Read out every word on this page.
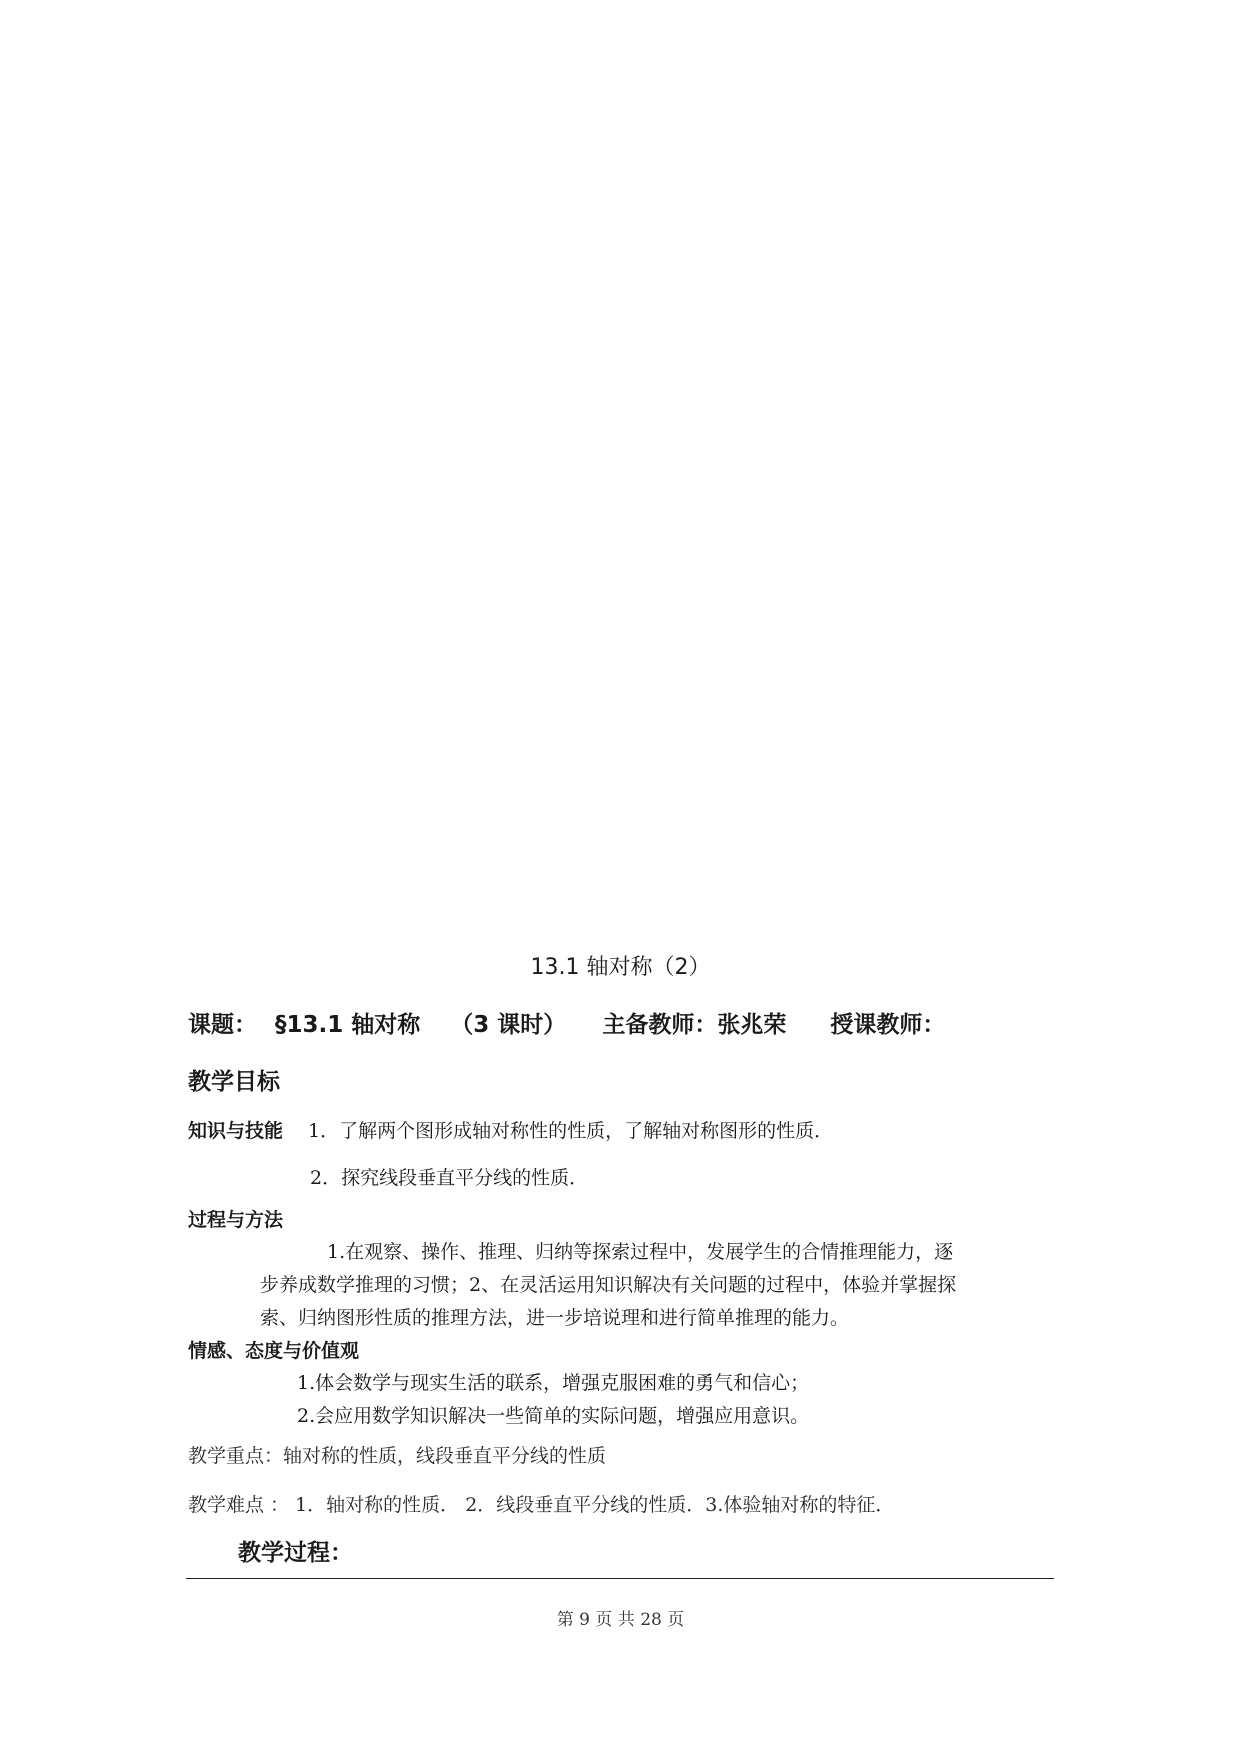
13.1 轴对称（2）
课题： §13.1 轴对称 （3 课时） 主备教师：张兆荣 授课教师：
教学目标
知识与技能 1．了解两个图形成轴对称性的性质，了解轴对称图形的性质．
2．探究线段垂直平分线的性质．
过程与方法
1.在观察、操作、推理、归纳等探索过程中，发展学生的合情推理能力，逐
步养成数学推理的习惯；2、在灵活运用知识解决有关问题的过程中，体验并掌握探
索、归纳图形性质的推理方法，进一步培说理和进行简单推理的能力。
情感、态度与价值观
1.体会数学与现实生活的联系，增强克服困难的勇气和信心；
2.会应用数学知识解决一些简单的实际问题，增强应用意识。
教学重点：轴对称的性质，线段垂直平分线的性质
教学难点 ： 1．轴对称的性质． 2．线段垂直平分线的性质．3.体验轴对称的特征．
教学过程：
第 9 页 共 28 页
